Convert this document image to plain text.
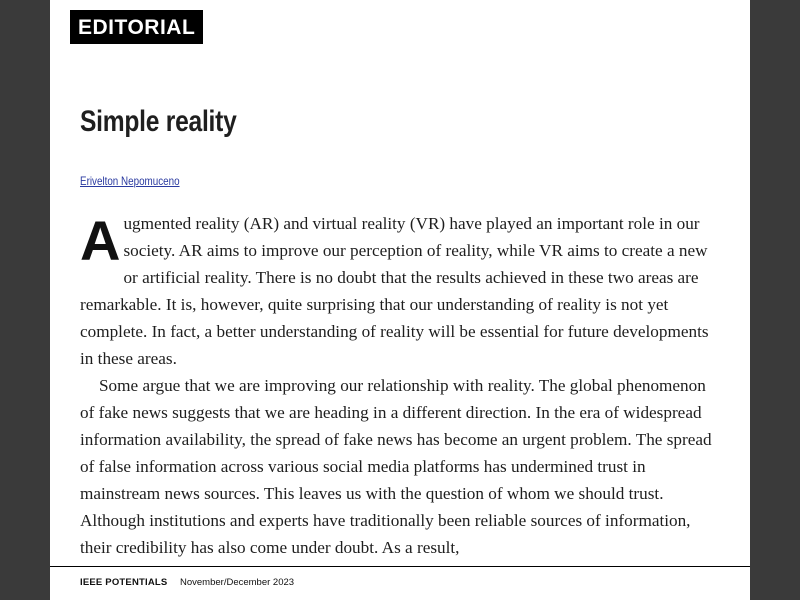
EDITORIAL
Simple reality
Erivelton Nepomuceno

Augmented reality (AR) and virtual reality (VR) have played an important role in our society. AR aims to improve our perception of reality, while VR aims to create a new or artificial reality. There is no doubt that the results achieved in these two areas are remarkable. It is, however, quite surprising that our understanding of reality is not yet complete. In fact, a better understanding of reality will be essential for future developments in these areas.

Some argue that we are improving our relationship with reality. The global phenomenon of fake news suggests that we are heading in a different direction. In the era of widespread information availability, the spread of fake news has become an urgent problem. The spread of false information across various social media platforms has undermined trust in mainstream news sources. This leaves us with the question of whom we should trust. Although institutions and experts have traditionally been reliable sources of information, their credibility has also come under doubt. As a result,

IEEE POTENTIALS November/December 2023
